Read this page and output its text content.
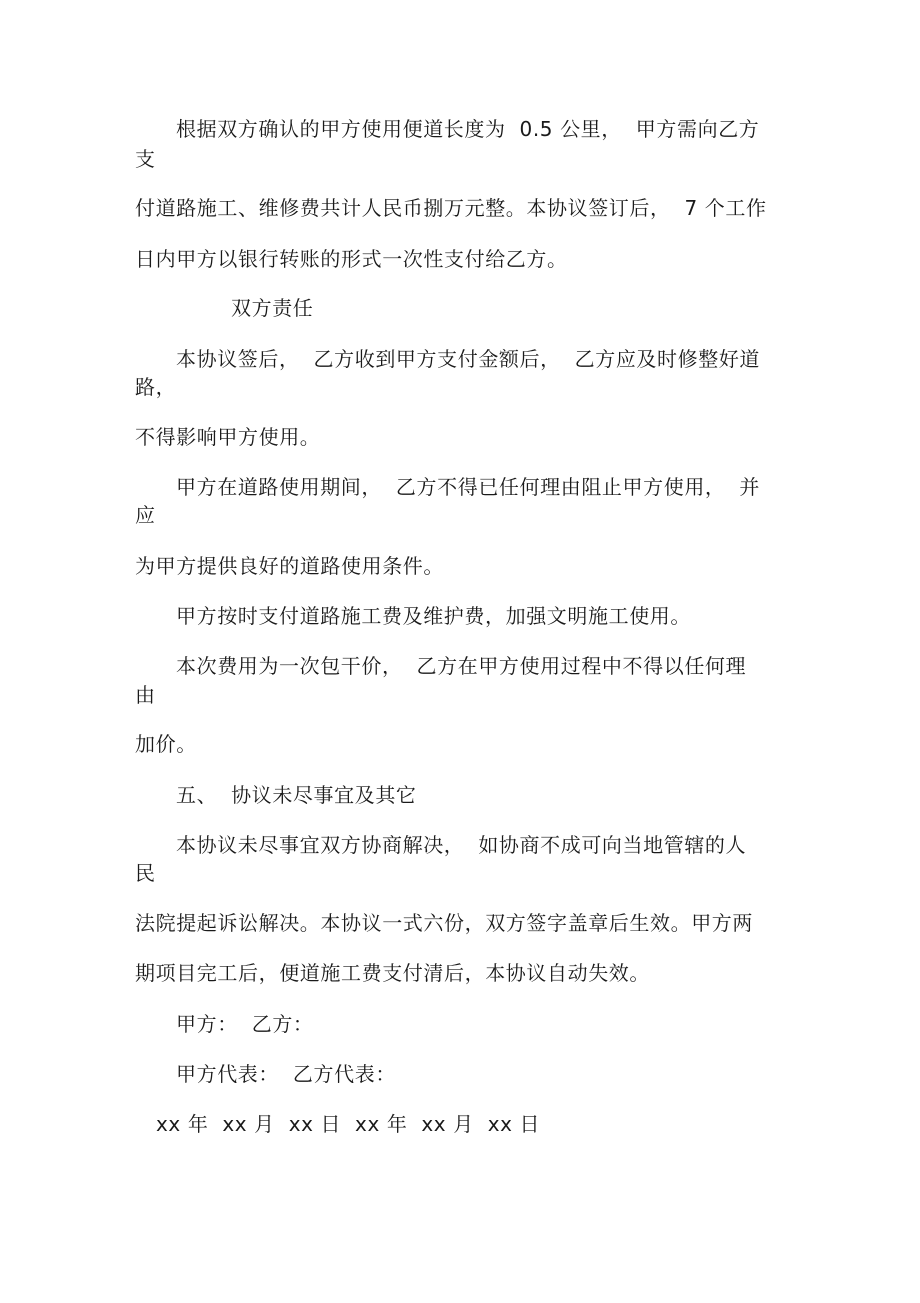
根据双方确认的甲方使用便道长度为  0.5 公里，  甲方需向乙方

支

付道路施工、维修费共计人民币捌万元整。本协议签订后，  7 个工作

日内甲方以银行转账的形式一次性支付给乙方。

双方责任

本协议签后，  乙方收到甲方支付金额后，  乙方应及时修整好道

路，

不得影响甲方使用。

甲方在道路使用期间，  乙方不得已任何理由阻止甲方使用，  并

应

为甲方提供良好的道路使用条件。

甲方按时支付道路施工费及维护费，加强文明施工使用。

本次费用为一次包干价，  乙方在甲方使用过程中不得以任何理

由

加价。

五、  协议未尽事宜及其它

本协议未尽事宜双方协商解决，  如协商不成可向当地管辖的人

民

法院提起诉讼解决。本协议一式六份，双方签字盖章后生效。甲方两

期项目完工后，便道施工费支付清后，本协议自动失效。

甲方：  乙方：

甲方代表：  乙方代表：

xx 年  xx 月  xx 日  xx 年  xx 月  xx 日
